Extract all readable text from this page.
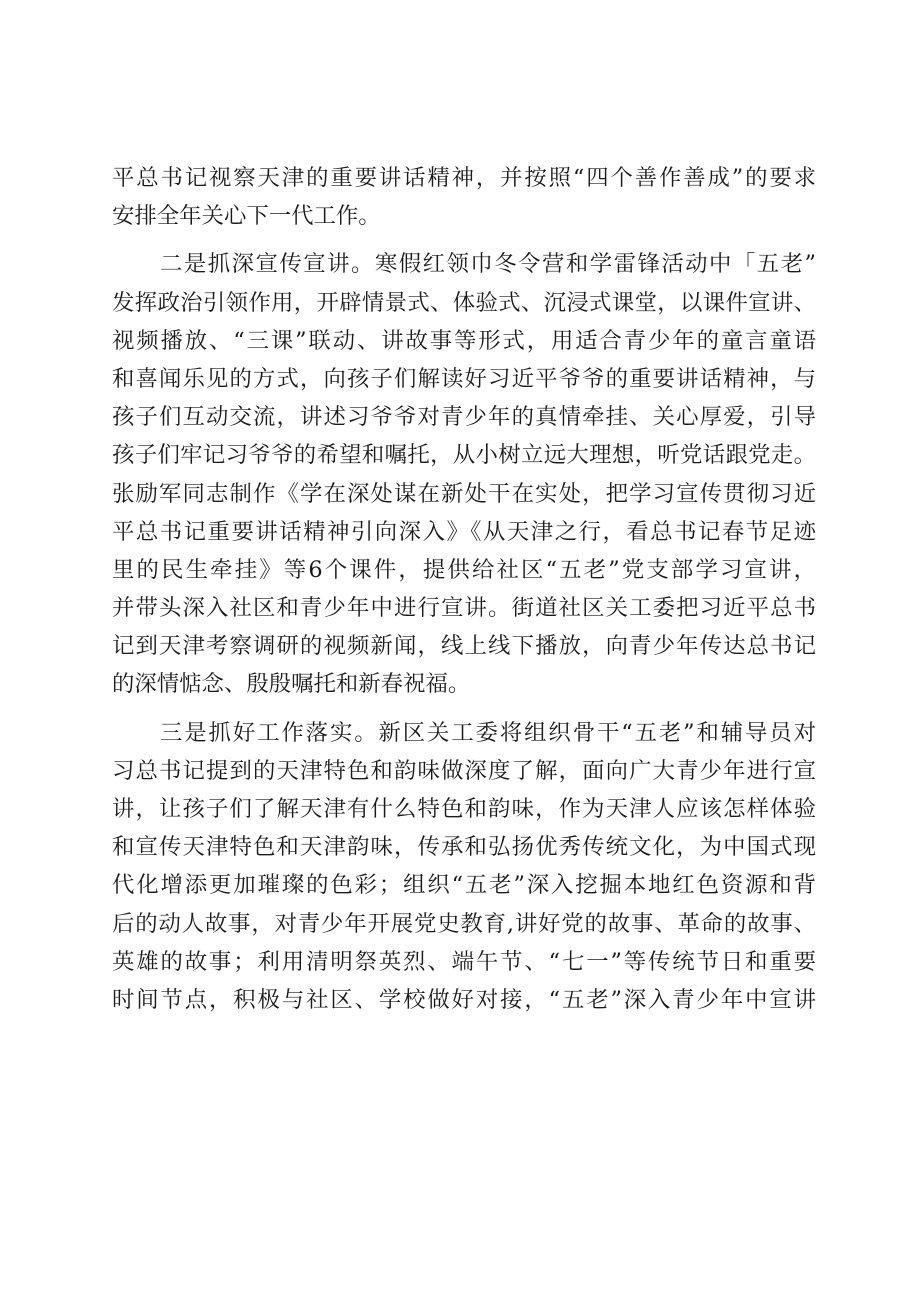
平总书记视察天津的重要讲话精神，并按照“四个善作善成”的要求
安排全年关心下一代工作。
二是抓深宣传宣讲。寒假红领巾冬令营和学雷锋活动中「五老”
发挥政治引领作用，开辟情景式、体验式、沉浸式课堂，以课件宣讲、
视频播放、“三课”联动、讲故事等形式，用适合青少年的童言童语
和喜闻乐见的方式，向孩子们解读好习近平爷爷的重要讲话精神，与
孩子们互动交流，讲述习爷爷对青少年的真情牵挂、关心厚爱，引导
孩子们牢记习爷爷的希望和嘱托，从小树立远大理想，听党话跟党走。
张励军同志制作《学在深处谋在新处干在实处，把学习宣传贯彻习近
平总书记重要讲话精神引向深入》《从天津之行，看总书记春节足迹
里的民生牵挂》等6个课件，提供给社区“五老”党支部学习宣讲，
并带头深入社区和青少年中进行宣讲。街道社区关工委把习近平总书
记到天津考察调研的视频新闻，线上线下播放，向青少年传达总书记
的深情惦念、殷殷嘱托和新春祝福。
三是抓好工作落实。新区关工委将组织骨干“五老”和辅导员对
习总书记提到的天津特色和韵味做深度了解，面向广大青少年进行宣
讲，让孩子们了解天津有什么特色和韵味，作为天津人应该怎样体验
和宣传天津特色和天津韵味，传承和弘扬优秀传统文化，为中国式现
代化增添更加璀璨的色彩；组织“五老”深入挖掘本地红色资源和背
后的动人故事，对青少年开展党史教育,讲好党的故事、革命的故事、
英雄的故事；利用清明祭英烈、端午节、“七一”等传统节日和重要
时间节点，积极与社区、学校做好对接，“五老”深入青少年中宣讲
